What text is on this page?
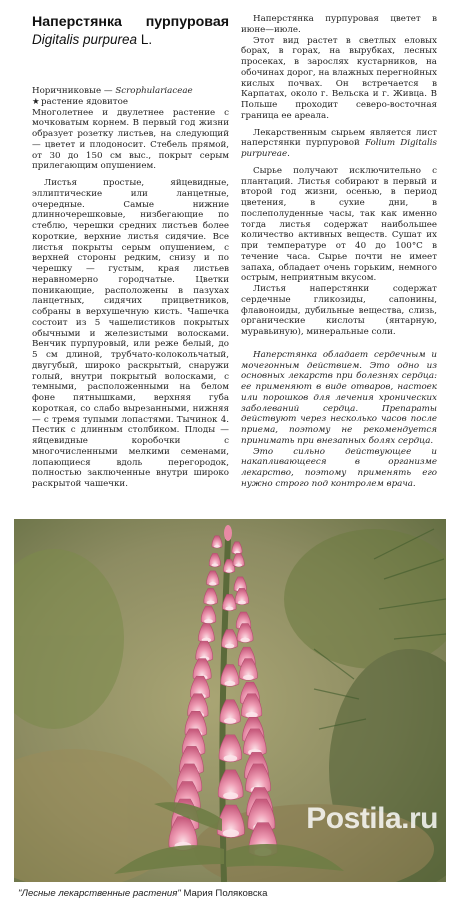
Наперстянка пурпуровая

Digitalis purpurea L.

Норичниковые — Scrophulariaceae

★растение ядовитое

Многолетнее и двулетнее растение с мочковатым корнем. В первый год жизни образует розетку листьев, на следующий — цветет и плодоносит. Стебель прямой, от 30 до 150 см выс., покрыт серым прилегающим опушением.

Листья простые, яйцевидные, эллиптические или ланцетные, очередные. Самые нижние длинночерешковые, низбегающие по стеблю, черешки средних листьев более короткие, верхние листья сидячие. Все листья покрыты серым опушением, с верхней стороны редким, снизу и по черешку — густым, края листьев неравномерно городчатые. Цветки поникающие, расположены в пазухах ланцетных, сидячих прицветников, собраны в верхушечную кисть. Чашечка состоит из 5 чашелистиков покрытых обычными и железистыми волосками. Венчик пурпуровый, или реже белый, до 5 см длиной, трубчато-колокольчатый, двугубый, широко раскрытый, снаружи голый, внутри покрытый волосками, с темными, расположенными на белом фоне пятнышками, верхняя губа короткая, со слабо вырезанными, нижняя — с тремя тупыми лопастями. Тычинок 4. Пестик с длинным столбиком. Плоды — яйцевидные коробочки с многочисленными мелкими семенами, лопающиеся вдоль перегородок, полностью заключенные внутри широко раскрытой чашечки.

Наперстянка пурпуровая цветет в июне—июле.

Этот вид растет в светлых еловых борах, в горах, на вырубках, лесных просеках, в зарослях кустарников, на обочинах дорог, на влажных перегнойных кислых почвах. Он встречается в Карпатах, около г. Вельска и г. Живца. В Польше проходит северо-восточная граница ее ареала.

Лекарственным сырьем является лист наперстянки пурпуровой Folium Digitalis purpureae.

Сырье получают исключительно с плантаций. Листья собирают в первый и второй год жизни, осенью, в период цветения, в сухие дни, в послеполуденные часы, так как именно тогда листья содержат наибольшее количество активных веществ. Сушат их при температуре от 40 до 100°С в течение часа. Сырье почти не имеет запаха, обладает очень горьким, немного острым, неприятным вкусом.

Листья наперстянки содержат сердечные гликозиды, сапонины, флавоноиды, дубильные вещества, слизь, органические кислоты (янтарную, муравьиную), минеральные соли.

Наперстянка обладает сердечным и мочегонным действием. Это одно из основных лекарств при болезнях сердца: ее применяют в виде отваров, настоек или порошков для лечения хронических заболеваний сердца. Препараты действуют через несколько часов после приема, поэтому не рекомендуется принимать при внезапных болях сердца.

Это сильно действующее и накапливающееся в организме лекарство, поэтому применять его нужно строго под контролем врача.

Postila.ru
"Лесные лекарственные растения" Мария Поляковска
